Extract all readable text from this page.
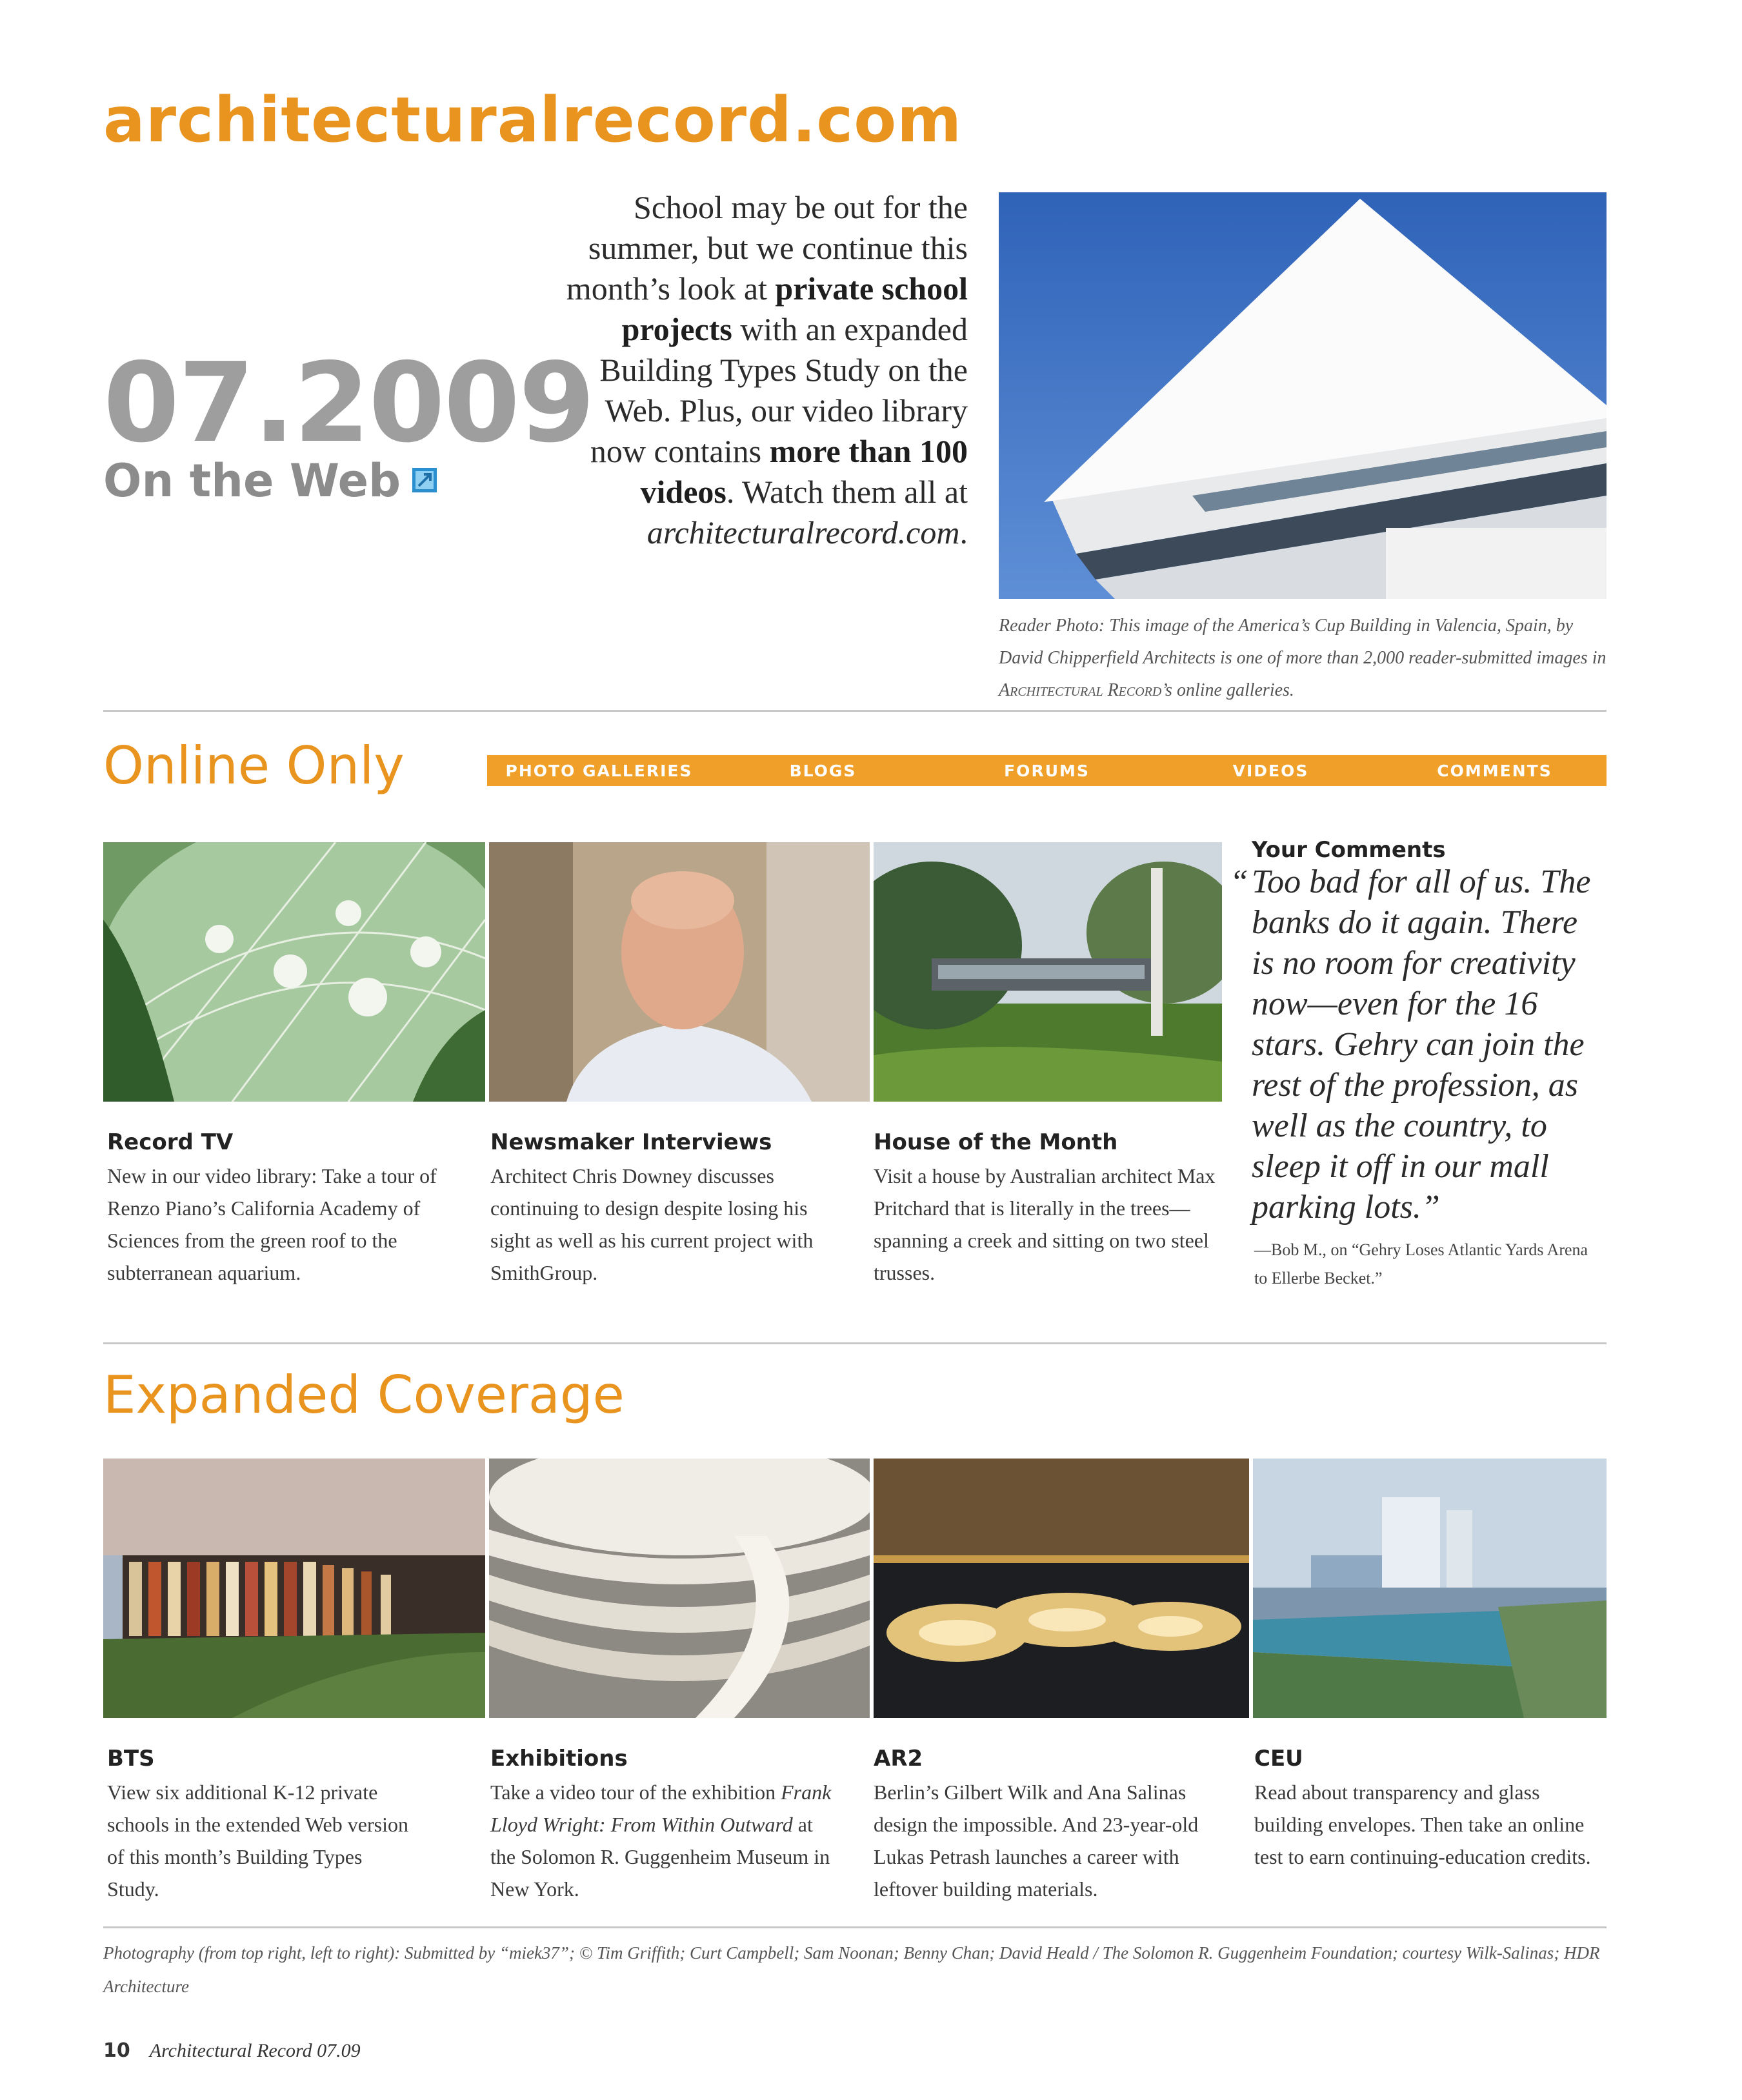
architecturalrecord.com
07.2009
On the Web
School may be out for the summer, but we continue this month’s look at private school projects with an expanded Building Types Study on the Web. Plus, our video library now contains more than 100 videos. Watch them all at architecturalrecord.com.
Reader Photo: This image of the America’s Cup Building in Valencia, Spain, by David Chipperfield Architects is one of more than 2,000 reader-submitted images in Architectural Record’s online galleries.
Online Only	PHOTO GALLERIES	BLOGS	FORUMS	VIDEOS	COMMENTS
Record TV
New in our video library: Take a tour of Renzo Piano’s California Academy of Sciences from the green roof to the subterranean aquarium.
Newsmaker Interviews
Architect Chris Downey discusses continuing to design despite losing his sight as well as his current project with SmithGroup.
House of the Month
Visit a house by Australian architect Max Pritchard that is literally in the trees—spanning a creek and sitting on two steel trusses.
Your Comments
“ Too bad for all of us. The banks do it again. There is no room for creativity now—even for the 16 stars. Gehry can join the rest of the profession, as well as the country, to sleep it off in our mall parking lots.”
—Bob M., on “Gehry Loses Atlantic Yards Arena to Ellerbe Becket.”
Expanded Coverage
BTS
View six additional K-12 private schools in the extended Web version of this month’s Building Types Study.
Exhibitions
Take a video tour of the exhibition Frank Lloyd Wright: From Within Outward at the Solomon R. Guggenheim Museum in New York.
AR2
Berlin’s Gilbert Wilk and Ana Salinas design the impossible. And 23-year-old Lukas Petrash launches a career with leftover building materials.
CEU
Read about transparency and glass building envelopes. Then take an online test to earn continuing-education credits.
Photography (from top right, left to right): Submitted by “miek37”; © Tim Griffith; Curt Campbell; Sam Noonan; Benny Chan; David Heald / The Solomon R. Guggenheim Foundation; courtesy Wilk-Salinas; HDR Architecture
10 Architectural Record 07.09
